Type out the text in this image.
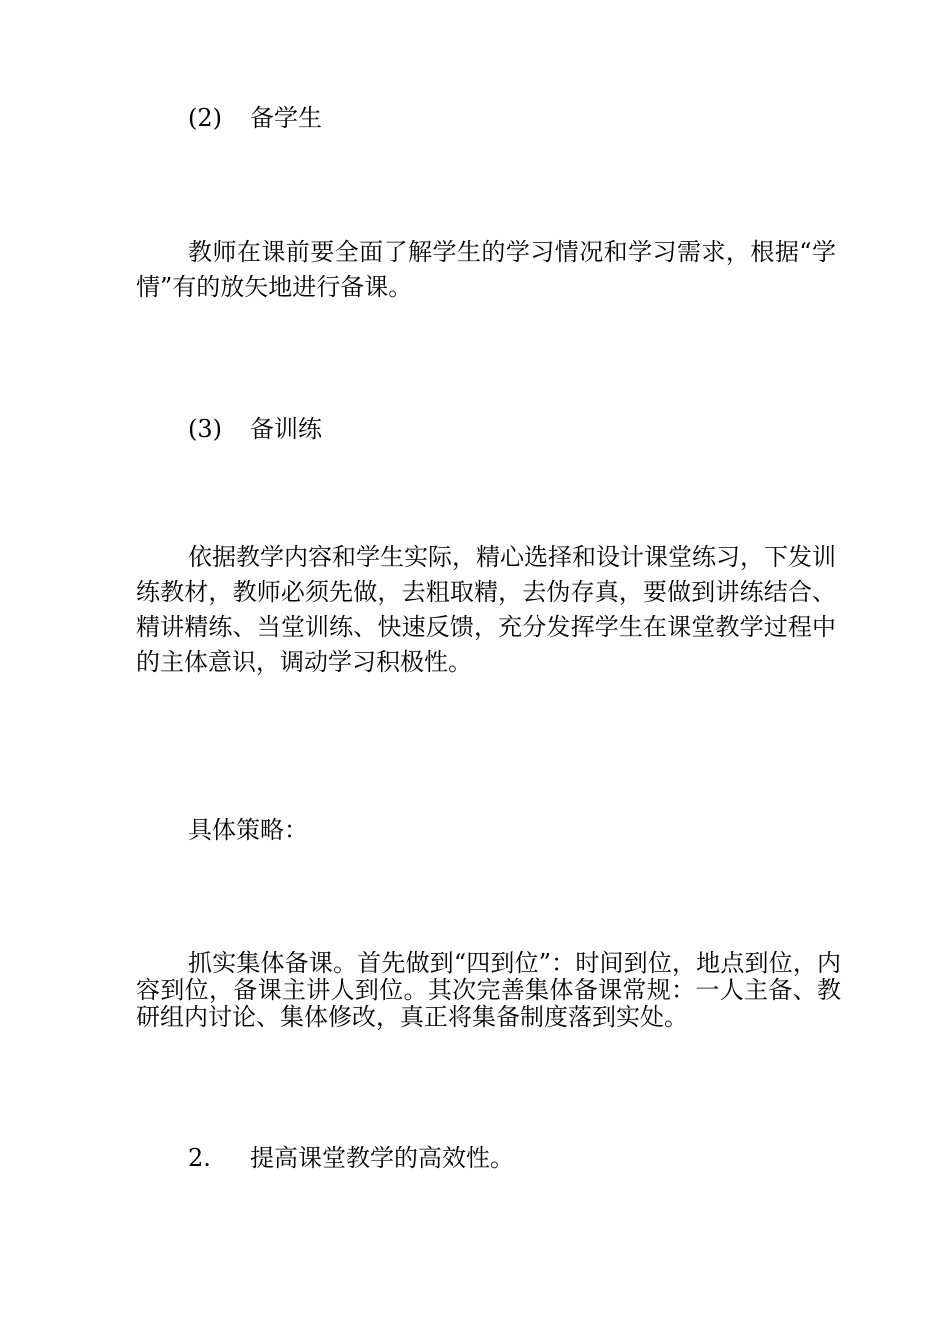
(2) 备学生
教师在课前要全面了解学生的学习情况和学习需求，根据“学情”有的放矢地进行备课。
(3) 备训练
依据教学内容和学生实际，精心选择和设计课堂练习，下发训练教材，教师必须先做，去粗取精，去伪存真，要做到讲练结合、精讲精练、当堂训练、快速反馈，充分发挥学生在课堂教学过程中的主体意识，调动学习积极性。
具体策略：
抓实集体备课。首先做到“四到位”：时间到位，地点到位，内容到位，备课主讲人到位。其次完善集体备课常规：一人主备、教研组内讨论、集体修改，真正将集备制度落到实处。
2. 提高课堂教学的高效性。
